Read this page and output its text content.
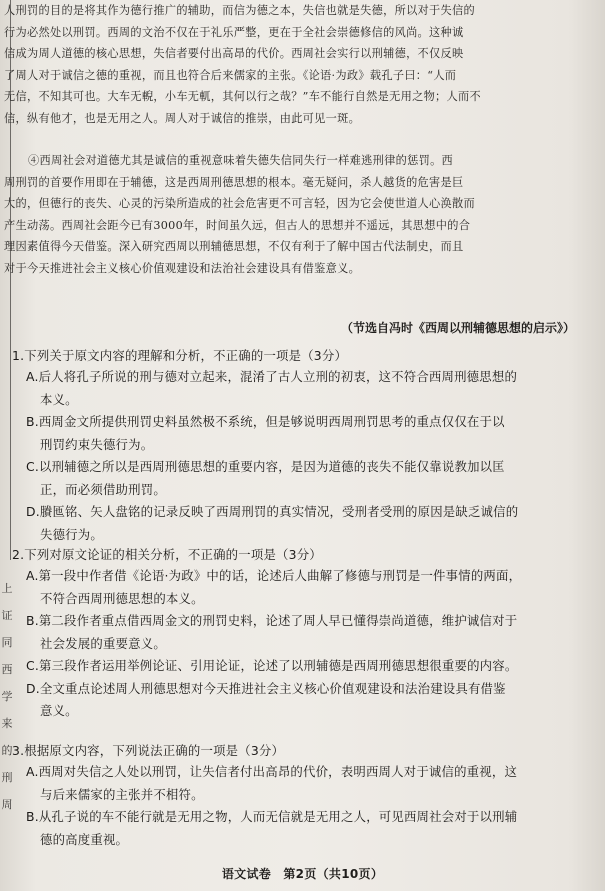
上
证
同
西
学
来
的
刑
周

人刑罚的目的是将其作为德行推广的辅助，而信为德之本，失信也就是失德，所以对于失信的

行为必然处以刑罚。西周的文治不仅在于礼乐严整，更在于全社会崇德修信的风尚。这种诚

信成为周人道德的核心思想，失信者要付出高昂的代价。西周社会实行以刑辅德，不仅反映

了周人对于诚信之德的重视，而且也符合后来儒家的主张。《论语·为政》载孔子曰：“人而

无信，不知其可也。大车无輗，小车无軏，其何以行之哉？”车不能行自然是无用之物；人而不

信，纵有他才，也是无用之人。周人对于诚信的推崇，由此可见一斑。

④西周社会对道德尤其是诚信的重视意味着失德失信同失行一样难逃刑律的惩罚。西

周刑罚的首要作用即在于辅德，这是西周刑德思想的根本。毫无疑问，杀人越货的危害是巨

大的，但德行的丧失、心灵的污染所造成的社会危害更不可言轻，因为它会使世道人心涣散而

产生动荡。西周社会距今已有3000年，时间虽久远，但古人的思想并不遥远，其思想中的合

理因素值得今天借鉴。深入研究西周以刑辅德思想，不仅有利于了解中国古代法制史，而且

对于今天推进社会主义核心价值观建设和法治社会建设具有借鉴意义。

（节选自冯时《西周以刑辅德思想的启示》）

1.下列关于原文内容的理解和分析，不正确的一项是（3分）

A.后人将孔子所说的刑与德对立起来，混淆了古人立刑的初衷，这不符合西周刑德思想的

本义。

B.西周金文所提供刑罚史料虽然极不系统，但是够说明西周刑罚思考的重点仅仅在于以

刑罚约束失德行为。

C.以刑辅德之所以是西周刑德思想的重要内容，是因为道德的丧失不能仅靠说教加以匡

正，而必须借助刑罚。

D.賸匜铭、矢人盘铭的记录反映了西周刑罚的真实情况，受刑者受刑的原因是缺乏诚信的

失德行为。

2.下列对原文论证的相关分析，不正确的一项是（3分）

A.第一段中作者借《论语·为政》中的话，论述后人曲解了修德与刑罚是一件事情的两面，

不符合西周刑德思想的本义。

B.第二段作者重点借西周金文的刑罚史料，论述了周人早已懂得崇尚道德，维护诚信对于

社会发展的重要意义。

C.第三段作者运用举例论证、引用论证，论述了以刑辅德是西周刑德思想很重要的内容。

D.全文重点论述周人刑德思想对今天推进社会主义核心价值观建设和法治建设具有借鉴

意义。

3.根据原文内容，下列说法正确的一项是（3分）

A.西周对失信之人处以刑罚，让失信者付出高昂的代价，表明西周人对于诚信的重视，这

与后来儒家的主张并不相符。

B.从孔子说的车不能行就是无用之物，人而无信就是无用之人，可见西周社会对于以刑辅

德的高度重视。

语文试卷　第2页（共10页）
